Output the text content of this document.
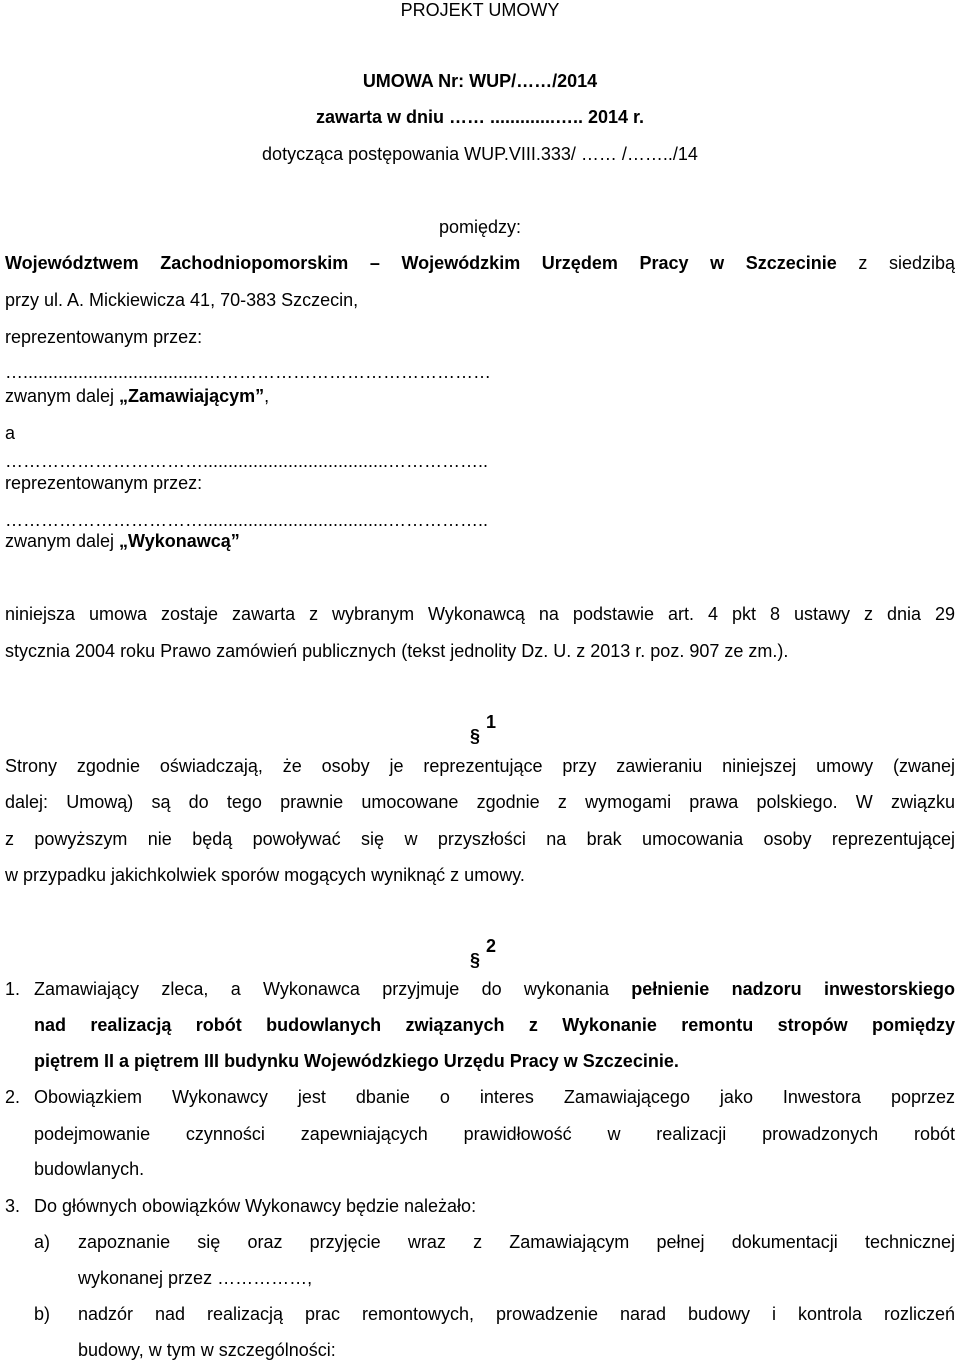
PROJEKT UMOWY
UMOWA Nr: WUP/……/2014
zawarta w dniu …… .............….. 2014 r.
dotycząca postępowania WUP.VIII.333/ …… /……../14
pomiędzy:
Województwem Zachodniopomorskim – Wojewódzkim Urzędem Pracy w Szczecinie z siedzibą
przy ul. A. Mickiewicza 41, 70-383 Szczecin,
reprezentowanym przez:
…....................................…………………………………………
zwanym dalej „Zamawiającym”,
a
…………………………….....................................……………..
reprezentowanym przez:
…………………………….....................................……………..
zwanym dalej „Wykonawcą”
niniejsza umowa zostaje zawarta z wybranym Wykonawcą na podstawie art. 4 pkt 8 ustawy z dnia 29
stycznia 2004 roku Prawo zamówień publicznych (tekst jednolity Dz. U. z 2013 r. poz. 907 ze zm.).
§1
Strony zgodnie oświadczają, że osoby je reprezentujące przy zawieraniu niniejszej umowy (zwanej
dalej: Umową) są do tego prawnie umocowane zgodnie z wymogami prawa polskiego. W związku
z powyższym nie będą powoływać się w przyszłości na brak umocowania osoby reprezentującej
w przypadku jakichkolwiek sporów mogących wyniknąć z umowy.
§2
1. Zamawiający zleca, a Wykonawca przyjmuje do wykonania pełnienie nadzoru inwestorskiego
nad realizacją robót budowlanych związanych z Wykonanie remontu stropów pomiędzy
piętrem II a piętrem III budynku Wojewódzkiego Urzędu Pracy w Szczecinie.
2. Obowiązkiem Wykonawcy jest dbanie o interes Zamawiającego jako Inwestora poprzez
podejmowanie czynności zapewniających prawidłowość w realizacji prowadzonych robót
budowlanych.
3. Do głównych obowiązków Wykonawcy będzie należało:
a) zapoznanie się oraz przyjęcie wraz z Zamawiającym pełnej dokumentacji technicznej
wykonanej przez ……………,
b) nadzór nad realizacją prac remontowych, prowadzenie narad budowy i kontrola rozliczeń
budowy, w tym w szczególności:
